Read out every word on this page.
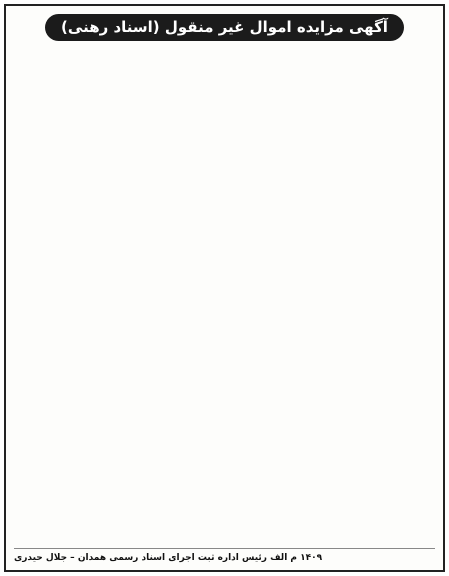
آگهی مزایده اموال غیر منقول (اسناد رهنی)
۱۴۰۹ م الف رئیس اداره ثبت اجرای اسناد رسمی همدان – جلال حیدری
